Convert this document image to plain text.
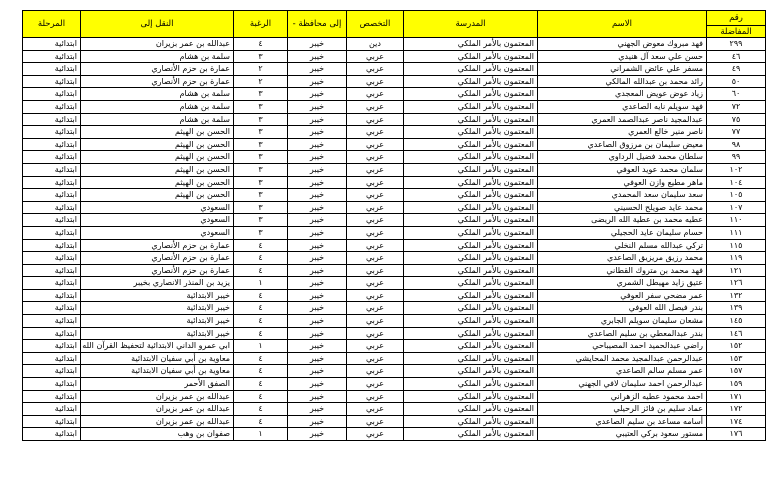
رقم	الاسم	المدرسة	التخصص	إلى محافظة -	الرغبة	النقل إلى	المرحلة
المفاضلة							
٢٩٩	فهد مبروك معوض الجهني	المعتمون بالأمر الملكي	دين	خيبر	٤	عبدالله بن عمر بزيران	ابتدائية
٤٦	حسن علي سعد آل هنيدي	المعتمون بالأمر الملكي	عربي	خيبر	٣	سلمة بن هشام	ابتدائية
٤٩	مسفر علي عائض الشمراني	المعتمون بالأمر الملكي	عربي	خيبر	٢	عمارة بن حزم الأنصاري	ابتدائية
٥٠	رائد محمد بن عبدالله المالكي	المعتمون بالأمر الملكي	عربي	خيبر	٢	عمارة بن حزم الأنصاري	ابتدائية
٦٠	زياد عوض عويض المعجدي	المعتمون بالأمر الملكي	عربي	خيبر	٣	سلمة بن هشام	ابتدائية
٧٢	فهد سويلم نايه الصاعدي	المعتمون بالأمر الملكي	عربي	خيبر	٣	سلمة بن هشام	ابتدائية
٧٥	عبدالمجيد ناصر عبدالصمد العمري	المعتمون بالأمر الملكي	عربي	خيبر	٣	سلمة بن هشام	ابتدائية
٧٧	ناصر منير خالع العمري	المعتمون بالأمر الملكي	عربي	خيبر	٣	الحسن بن الهيثم	ابتدائية
٩٨	معيض سليمان بن مرزوق الصاعدي	المعتمون بالأمر الملكي	عربي	خيبر	٣	الحسن بن الهيثم	ابتدائية
٩٩	سلطان محمد فضيل الرداوي	المعتمون بالأمر الملكي	عربي	خيبر	٣	الحسن بن الهيثم	ابتدائية
١٠٢	سلمان محمد عويد العوفي	المعتمون بالأمر الملكي	عربي	خيبر	٣	الحسن بن الهيثم	ابتدائية
١٠٤	ماهر مطيع وازن العوفي	المعتمون بالأمر الملكي	عربي	خيبر	٣	الحسن بن الهيثم	ابتدائية
١٠٥	سعد سليمان سعد المحمدي	المعتمون بالأمر الملكي	عربي	خيبر	٣	الحسن بن الهيثم	ابتدائية
١٠٧	محمد عايد صويلح الحسيني	المعتمون بالأمر الملكي	عربي	خيبر	٣	السعودي	ابتدائية
١١٠	عطيه محمد بن عطية الله الريضى	المعتمون بالأمر الملكي	عربي	خيبر	٣	السعودي	ابتدائية
١١١	حسام سليمان عايد الحجيلي	المعتمون بالأمر الملكي	عربي	خيبر	٣	السعودي	ابتدائية
١١٥	تركي عبدالله مسلم النخلي	المعتمون بالأمر الملكي	عربي	خيبر	٤	عمارة بن حزم الأنصاري	ابتدائية
١١٩	محمد رزيق مريزيق الصاعدي	المعتمون بالأمر الملكي	عربي	خيبر	٤	عمارة بن حزم الأنصاري	ابتدائية
١٢١	فهد محمد بن متروك القطاني	المعتمون بالأمر الملكي	عربي	خيبر	٤	عمارة بن حزم الأنصاري	ابتدائية
١٢٦	عتيق زايد مهيطل الشمري	المعتمون بالأمر الملكي	عربي	خيبر	١	يزيد بن المنذر الانصاري بخيبر	ابتدائية
١٣٢	عمر مضحي سفر العوفي	المعتمون بالأمر الملكي	عربي	خيبر	٤	خيبر الابتدائية	ابتدائية
١٣٩	بندر فيصل الله العوفي	المعتمون بالأمر الملكي	عربي	خيبر	٤	خيبر الابتدائية	ابتدائية
١٤٥	مشعان سليمان سويلم الجابري	المعتمون بالأمر الملكي	عربي	خيبر	٤	خيبر الابتدائية	ابتدائية
١٤٦	بندر عبدالمعطي بن سليم الصاعدي	المعتمون بالأمر الملكي	عربي	خيبر	٤	خيبر الابتدائية	ابتدائية
١٥٢	راضي عبدالحميد احمد المصيباحي	المعتمون بالأمر الملكي	عربي	خيبر	١	ابي عمرو الداني الابتدائية لتحفيظ القرآن الله	ابتدائية
١٥٣	عبدالرحمن عبدالمجيد محمد المحايشي	المعتمون بالأمر الملكي	عربي	خيبر	٤	معاوية بن أبي سفيان الابتدائية	ابتدائية
١٥٧	عمر مسلم سالم الصاعدي	المعتمون بالأمر الملكي	عربي	خيبر	٤	معاوية بن أبي سفيان الابتدائية	ابتدائية
١٥٩	عبدالرحمن احمد سليمان لافي الجهني	المعتمون بالأمر الملكي	عربي	خيبر	٤	الصفق الأحمر	ابتدائية
١٧١	احمد محمود عطيه الزهراني	المعتمون بالأمر الملكي	عربي	خيبر	٤	عبدالله بن عمر بزيران	ابتدائية
١٧٢	عماد سليم بن فائز الرحيلي	المعتمون بالأمر الملكي	عربي	خيبر	٤	عبدالله بن عمر بزيران	ابتدائية
١٧٤	أسامه مساعد بن سليم الصاعدي	المعتمون بالأمر الملكي	عربي	خيبر	٤	عبدالله بن عمر بزيران	ابتدائية
١٧٦	مستور سعود بركي العتيبي	المعتمون بالأمر الملكي	عربي	خيبر	١	صفوان بن وهب	ابتدائية
